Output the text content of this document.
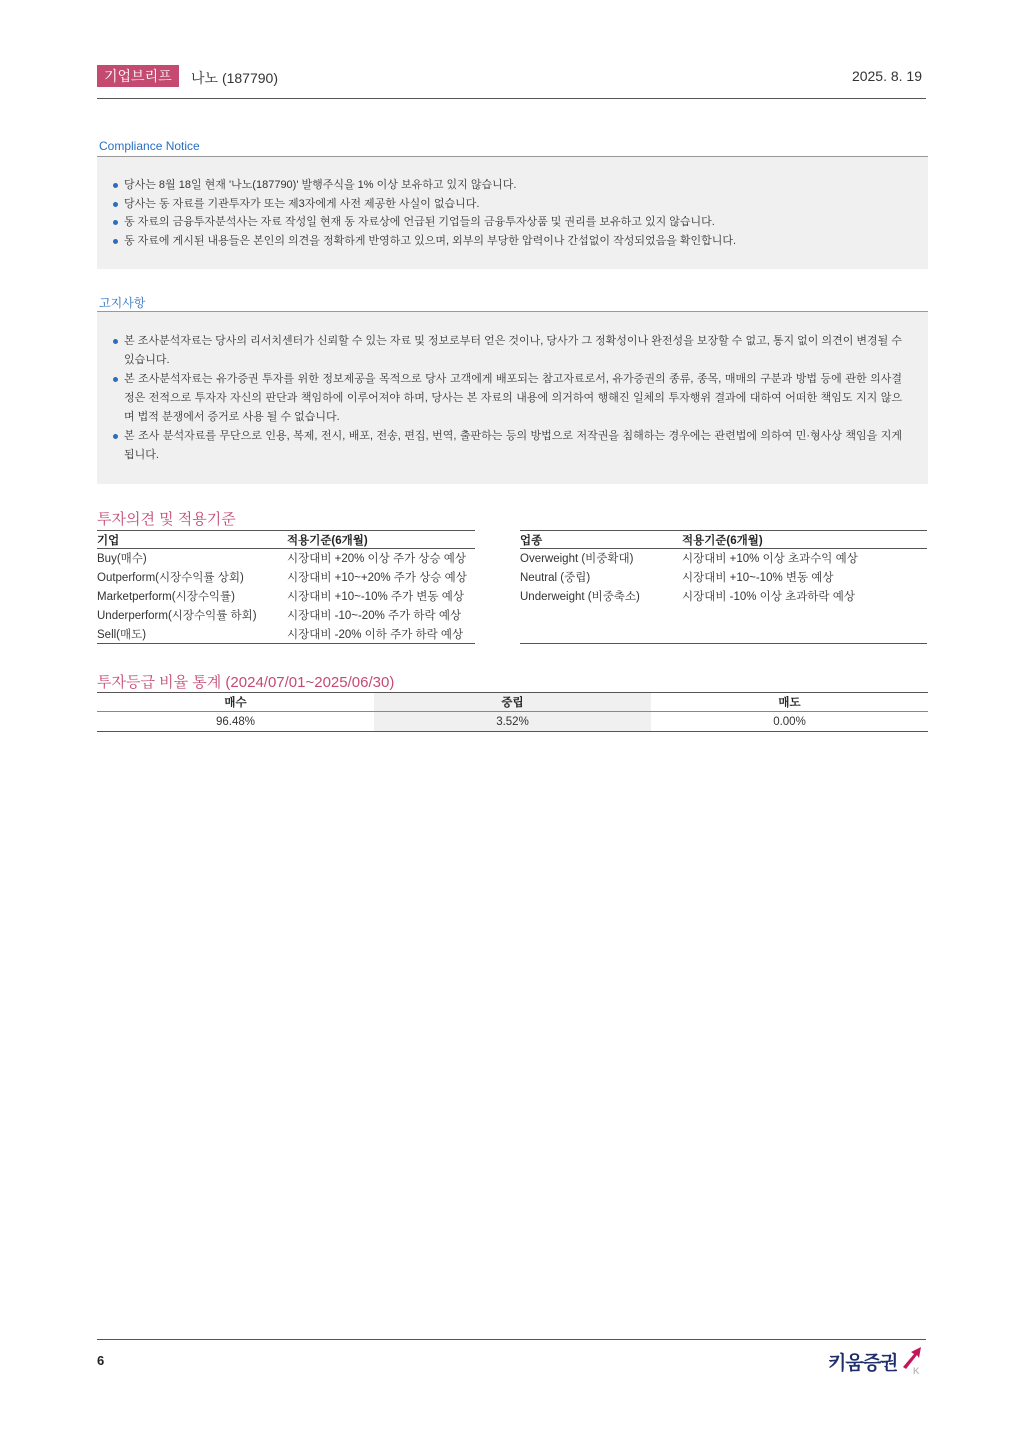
기업브리프	나노 (187790)	2025. 8. 19
Compliance Notice
당사는 8월 18일 현재 '나노(187790)' 발행주식을 1% 이상 보유하고 있지 않습니다.
당사는 동 자료를 기관투자가 또는 제3자에게 사전 제공한 사실이 없습니다.
동 자료의 금융투자분석사는 자료 작성일 현재 동 자료상에 언급된 기업들의 금융투자상품 및 권리를 보유하고 있지 않습니다.
동 자료에 게시된 내용들은 본인의 의견을 정확하게 반영하고 있으며, 외부의 부당한 압력이나 간섭없이 작성되었음을 확인합니다.
고지사항
본 조사분석자료는 당사의 리서치센터가 신뢰할 수 있는 자료 및 정보로부터 얻은 것이나, 당사가 그 정확성이나 완전성을 보장할 수 없고, 통지 없이 의견이 변경될 수 있습니다.
본 조사분석자료는 유가증권 투자를 위한 정보제공을 목적으로 당사 고객에게 배포되는 참고자료로서, 유가증권의 종류, 종목, 매매의 구분과 방법 등에 관한 의사결정은 전적으로 투자자 자신의 판단과 책임하에 이루어져야 하며, 당사는 본 자료의 내용에 의거하여 행해진 일체의 투자행위 결과에 대하여 어떠한 책임도 지지 않으며 법적 분쟁에서 증거로 사용 될 수 없습니다.
본 조사 분석자료를 무단으로 인용, 복제, 전시, 배포, 전송, 편집, 번역, 출판하는 등의 방법으로 저작권을 침해하는 경우에는 관련법에 의하여 민·형사상 책임을 지게 됩니다.
투자의견 및 적용기준
기업	적용기준(6개월)
Buy(매수)	시장대비 +20% 이상 주가 상승 예상
Outperform(시장수익률 상회)	시장대비 +10~+20% 주가 상승 예상
Marketperform(시장수익률)	시장대비 +10~-10% 주가 변동 예상
Underperform(시장수익률 하회)	시장대비 -10~-20% 주가 하락 예상
Sell(매도)	시장대비 -20% 이하 주가 하락 예상
업종	적용기준(6개월)
Overweight (비중확대)	시장대비 +10% 이상 초과수익 예상
Neutral (중립)	시장대비 +10~-10% 변동 예상
Underweight (비중축소)	시장대비 -10% 이상 초과하락 예상

투자등급 비율 통계 (2024/07/01~2025/06/30)
매수	중립	매도
96.48%	3.52%	0.00%
6	키움증권 K
